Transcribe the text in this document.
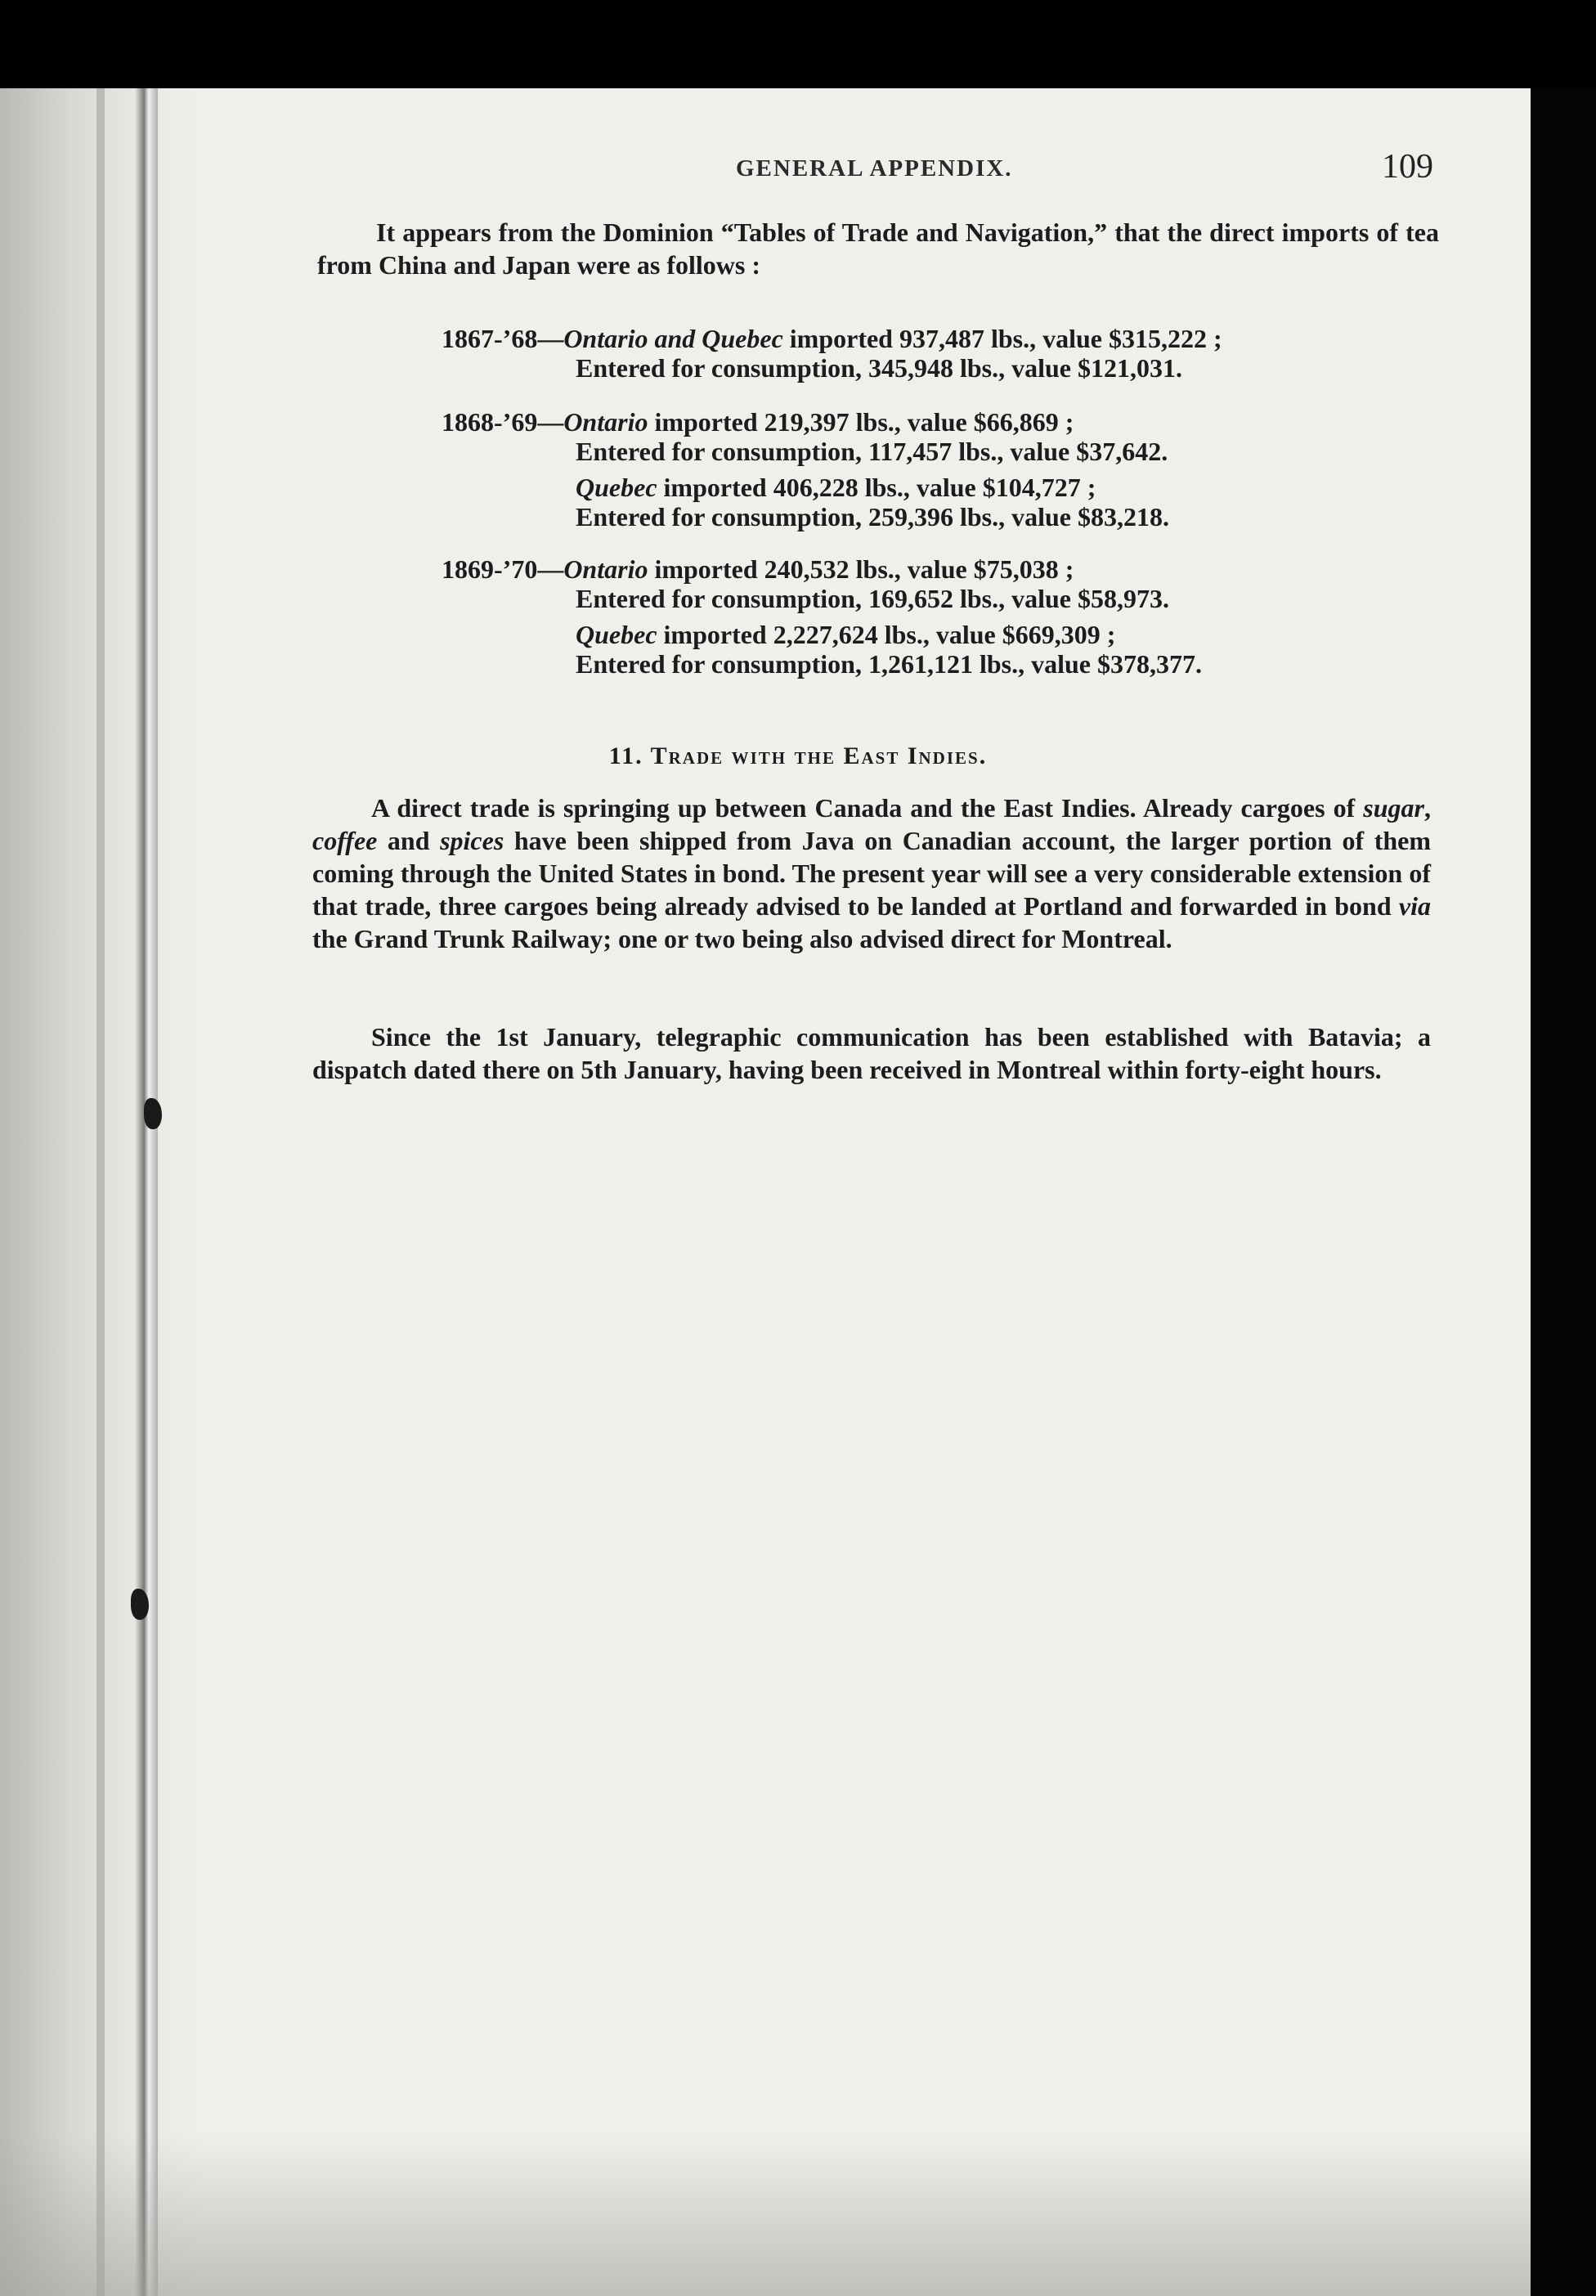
GENERAL APPENDIX.	109
It appears from the Dominion “Tables of Trade and Navigation,” that the direct imports of tea from China and Japan were as follows :
1867-’68—Ontario and Quebec imported 937,487 lbs., value $315,222 ;
Entered for consumption, 345,948 lbs., value $121,031.
1868-’69—Ontario imported 219,397 lbs., value $66,869 ;
Entered for consumption, 117,457 lbs., value $37,642.
Quebec imported 406,228 lbs., value $104,727 ;
Entered for consumption, 259,396 lbs., value $83,218.
1869-’70—Ontario imported 240,532 lbs., value $75,038 ;
Entered for consumption, 169,652 lbs., value $58,973.
Quebec imported 2,227,624 lbs., value $669,309 ;
Entered for consumption, 1,261,121 lbs., value $378,377.
11. Trade with the East Indies.
A direct trade is springing up between Canada and the East Indies. Already cargoes of sugar, coffee and spices have been shipped from Java on Canadian account, the larger portion of them coming through the United States in bond. The present year will see a very considerable extension of that trade, three cargoes being already advised to be landed at Portland and forwarded in bond via the Grand Trunk Railway; one or two being also advised direct for Montreal.
Since the 1st January, telegraphic communication has been established with Batavia; a dispatch dated there on 5th January, having been received in Montreal within forty-eight hours.
